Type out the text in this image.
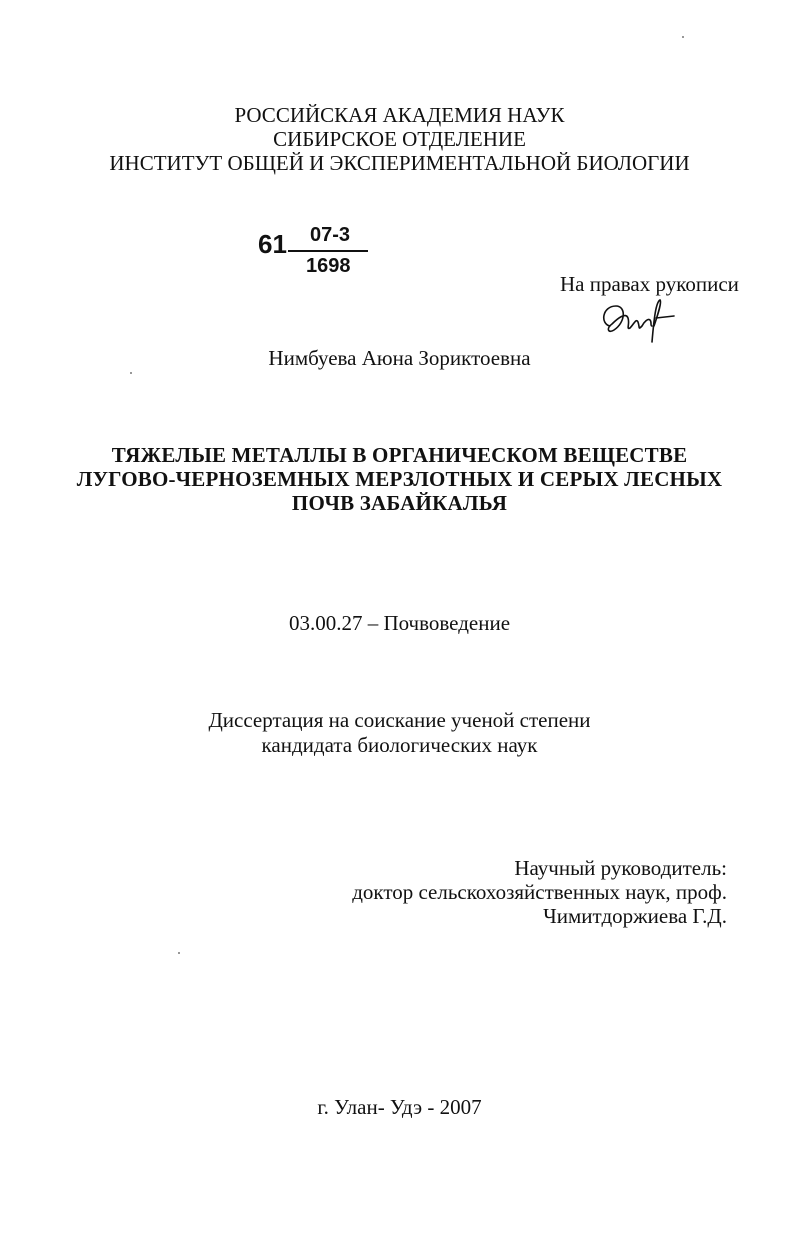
РОССИЙСКАЯ АКАДЕМИЯ НАУК
СИБИРСКОЕ ОТДЕЛЕНИЕ
ИНСТИТУТ ОБЩЕЙ И ЭКСПЕРИМЕНТАЛЬНОЙ БИОЛОГИИ
61 07-3
1698
На правах рукописи
Нимбуева Аюна Зориктоевна
ТЯЖЕЛЫЕ МЕТАЛЛЫ В ОРГАНИЧЕСКОМ ВЕЩЕСТВЕ
ЛУГОВО-ЧЕРНОЗЕМНЫХ МЕРЗЛОТНЫХ И СЕРЫХ ЛЕСНЫХ
ПОЧВ ЗАБАЙКАЛЬЯ
03.00.27 – Почвоведение
Диссертация на соискание ученой степени
кандидата биологических наук
Научный руководитель:
доктор сельскохозяйственных наук, проф.
Чимитдоржиева Г.Д.
г. Улан- Удэ - 2007
